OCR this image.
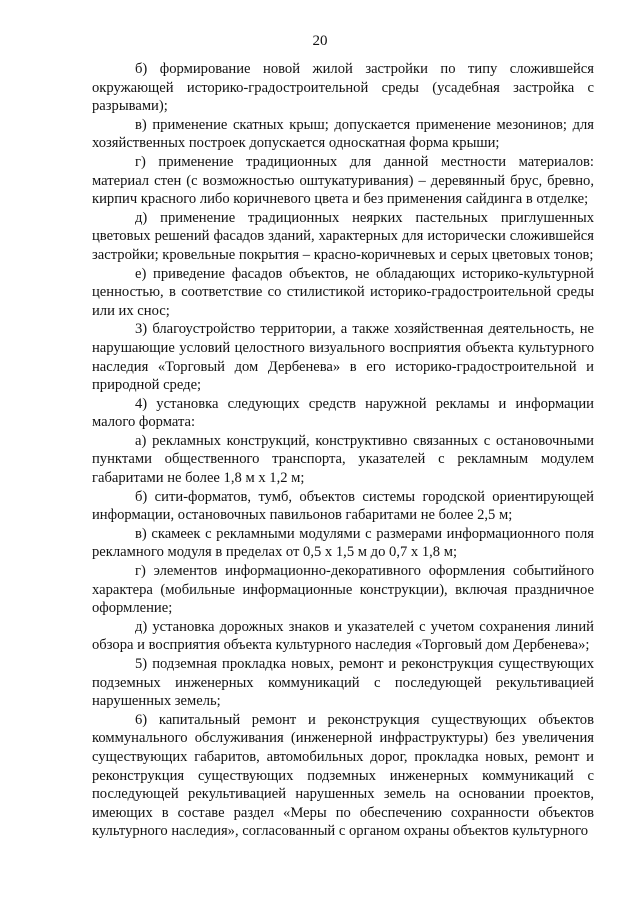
20

б) формирование новой жилой застройки по типу сложившейся окружающей историко-градостроительной среды (усадебная застройка с разрывами);

в) применение скатных крыш; допускается применение мезонинов; для хозяйственных построек допускается односкатная форма крыши;

г) применение традиционных для данной местности материалов: материал стен (с возможностью оштукатуривания) – деревянный брус, бревно, кирпич красного либо коричневого цвета и без применения сайдинга в отделке;

д) применение традиционных неярких пастельных приглушенных цветовых решений фасадов зданий, характерных для исторически сложившейся застройки; кровельные покрытия – красно-коричневых и серых цветовых тонов;

е) приведение фасадов объектов, не обладающих историко-культурной ценностью, в соответствие со стилистикой историко-градостроительной среды или их снос;

3) благоустройство территории, а также хозяйственная деятельность, не нарушающие условий целостного визуального восприятия объекта культурного наследия «Торговый дом Дербенева» в его историко-градостроительной и природной среде;

4) установка следующих средств наружной рекламы и информации малого формата:

а) рекламных конструкций, конструктивно связанных с остановочными пунктами общественного транспорта, указателей с рекламным модулем габаритами не более 1,8 м х 1,2 м;

б) сити-форматов, тумб, объектов системы городской ориентирующей информации, остановочных павильонов габаритами не более 2,5 м;

в) скамеек с рекламными модулями с размерами информационного поля рекламного модуля в пределах от 0,5 х 1,5 м до 0,7 х 1,8 м;

г) элементов информационно-декоративного оформления событийного характера (мобильные информационные конструкции), включая праздничное оформление;

д) установка дорожных знаков и указателей с учетом сохранения линий обзора и восприятия объекта культурного наследия «Торговый дом Дербенева»;

5) подземная прокладка новых, ремонт и реконструкция существующих подземных инженерных коммуникаций с последующей рекультивацией нарушенных земель;

6) капитальный ремонт и реконструкция существующих объектов коммунального обслуживания (инженерной инфраструктуры) без увеличения существующих габаритов, автомобильных дорог, прокладка новых, ремонт и реконструкция существующих подземных инженерных коммуникаций с последующей рекультивацией нарушенных земель на основании проектов, имеющих в составе раздел «Меры по обеспечению сохранности объектов культурного наследия», согласованный с органом охраны объектов культурного
